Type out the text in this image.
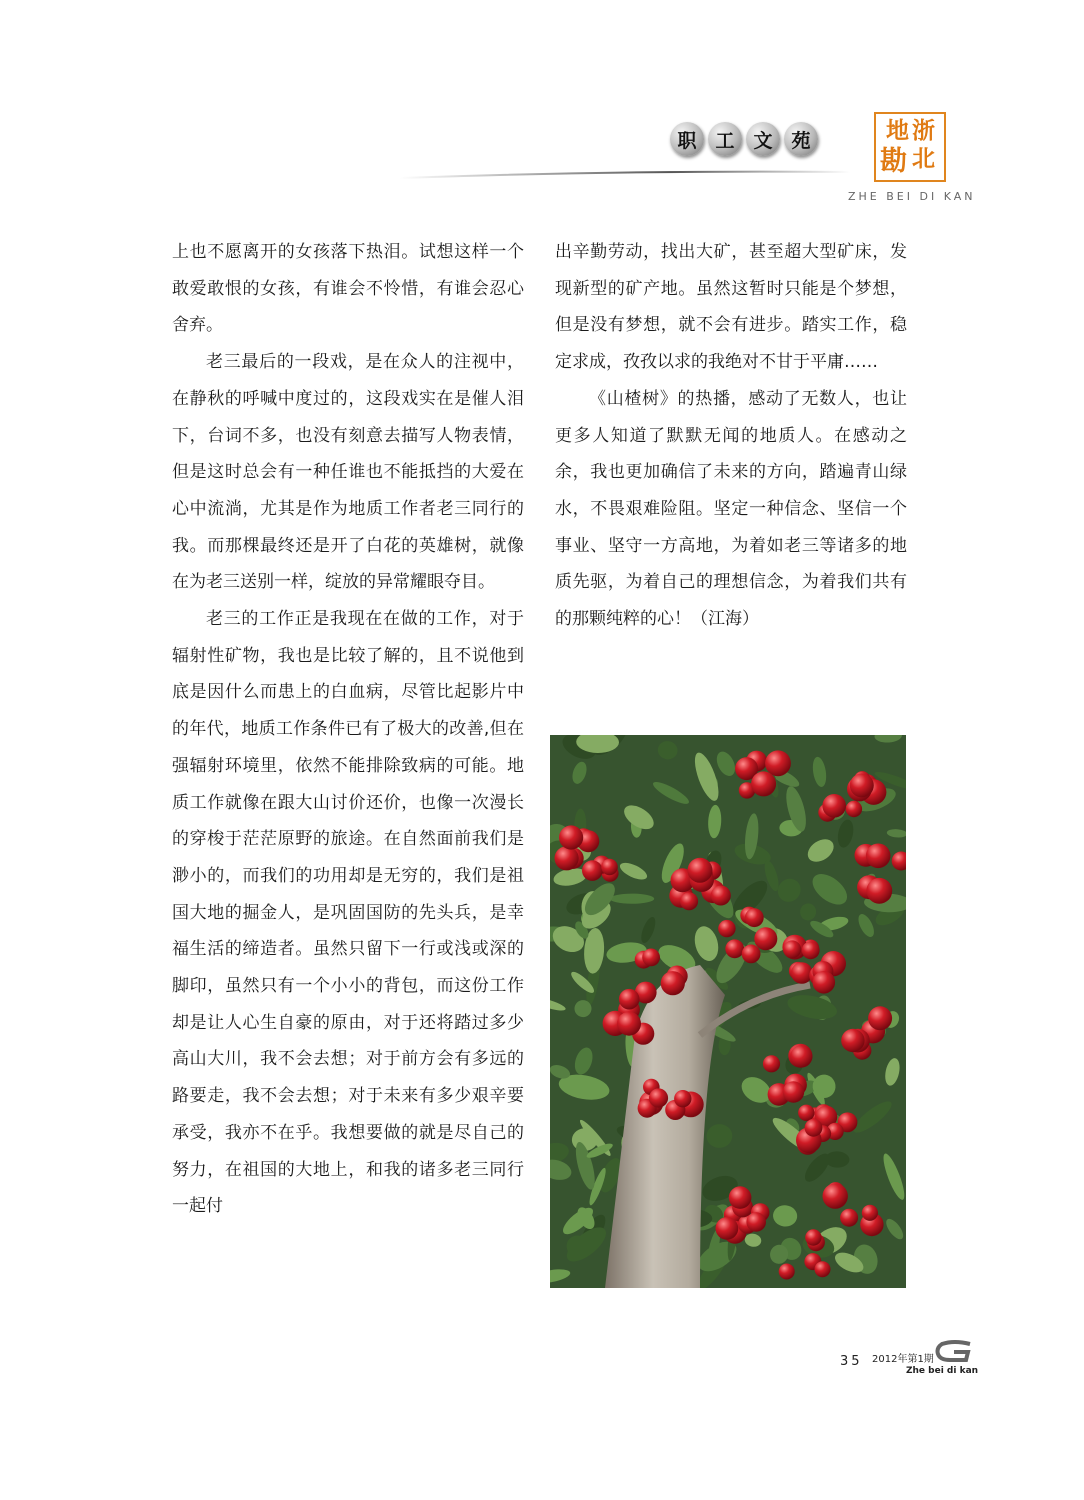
职 工 文 苑	地 浙
勘 北
ZHE BEI DI KAN

上也不愿离开的女孩落下热泪。试想这样一个敢爱敢恨的女孩，有谁会不怜惜，有谁会忍心舍弃。

老三最后的一段戏，是在众人的注视中，在静秋的呼喊中度过的，这段戏实在是催人泪下，台词不多，也没有刻意去描写人物表情，但是这时总会有一种任谁也不能抵挡的大爱在心中流淌，尤其是作为地质工作者老三同行的我。而那棵最终还是开了白花的英雄树，就像在为老三送别一样，绽放的异常耀眼夺目。

老三的工作正是我现在在做的工作，对于辐射性矿物，我也是比较了解的，且不说他到底是因什么而患上的白血病，尽管比起影片中的年代，地质工作条件已有了极大的改善,但在强辐射环境里，依然不能排除致病的可能。地质工作就像在跟大山讨价还价，也像一次漫长的穿梭于茫茫原野的旅途。在自然面前我们是渺小的，而我们的功用却是无穷的，我们是祖国大地的掘金人，是巩固国防的先头兵，是幸福生活的缔造者。虽然只留下一行或浅或深的脚印，虽然只有一个小小的背包，而这份工作却是让人心生自豪的原由，对于还将踏过多少高山大川，我不会去想；对于前方会有多远的路要走，我不会去想；对于未来有多少艰辛要承受，我亦不在乎。我想要做的就是尽自己的努力，在祖国的大地上，和我的诸多老三同行一起付

出辛勤劳动，找出大矿，甚至超大型矿床，发现新型的矿产地。虽然这暂时只能是个梦想，但是没有梦想，就不会有进步。踏实工作，稳定求成，孜孜以求的我绝对不甘于平庸……

《山楂树》的热播，感动了无数人，也让更多人知道了默默无闻的地质人。在感动之余，我也更加确信了未来的方向，踏遍青山绿水，不畏艰难险阻。坚定一种信念、坚信一个事业、坚守一方高地，为着如老三等诸多的地质先驱，为着自己的理想信念，为着我们共有的那颗纯粹的心！（江海）

35 2012年第1期
Zhe bei di kan
